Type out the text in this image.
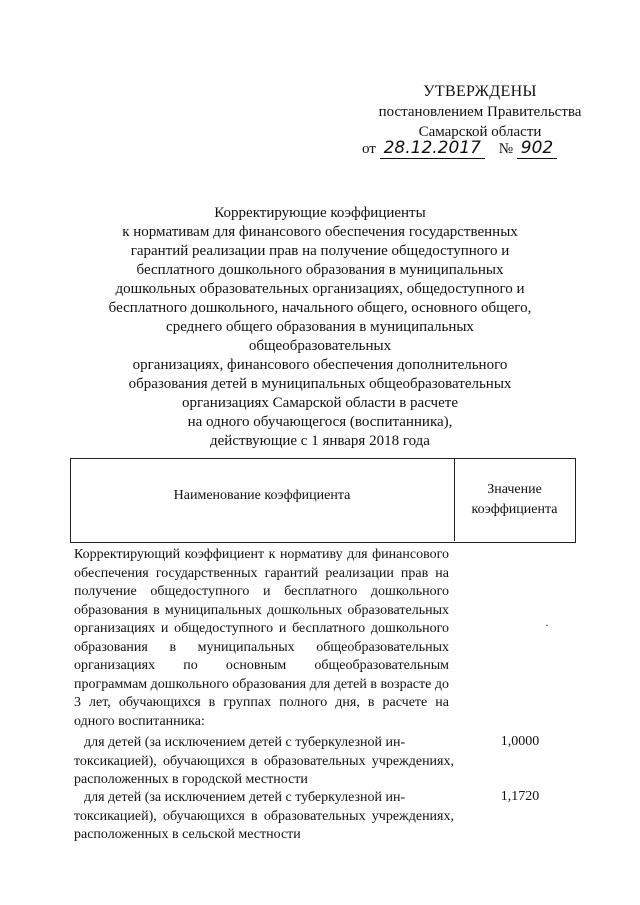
УТВЕРЖДЕНЫ
постановлением Правительства
Самарской области
от 28.12.2017 № 902
Корректирующие коэффициенты
к нормативам для финансового обеспечения государственных
гарантий реализации прав на получение общедоступного и
бесплатного дошкольного образования в муниципальных
дошкольных образовательных организациях, общедоступного и
бесплатного дошкольного, начального общего, основного общего,
среднего общего образования в муниципальных общеобразовательных
организациях, финансового обеспечения дополнительного
образования детей в муниципальных общеобразовательных
организациях Самарской области в расчете
на одного обучающегося (воспитанника),
действующие с 1 января 2018 года
Наименование коэффициента	Значение
коэффициента
Корректирующий коэффициент к нормативу для финансового обеспечения государственных гарантий реализации прав на получение общедоступного и бесплатного дошкольного образования в муниципальных дошкольных образовательных организациях и общедоступного и бесплатного дошкольного образования в муниципальных общеобразовательных организациях по основным общеобразовательным программам дошкольного образования для детей в возрасте до 3 лет, обучающихся в группах полного дня, в расчете на одного воспитанника:
·
для детей (за исключением детей с туберкулезной ин-
токсикацией), обучающихся в образовательных учреждениях, расположенных в городской местности
1,0000
для детей (за исключением детей с туберкулезной ин-
токсикацией), обучающихся в образовательных учреждениях, расположенных в сельской местности
1,1720
